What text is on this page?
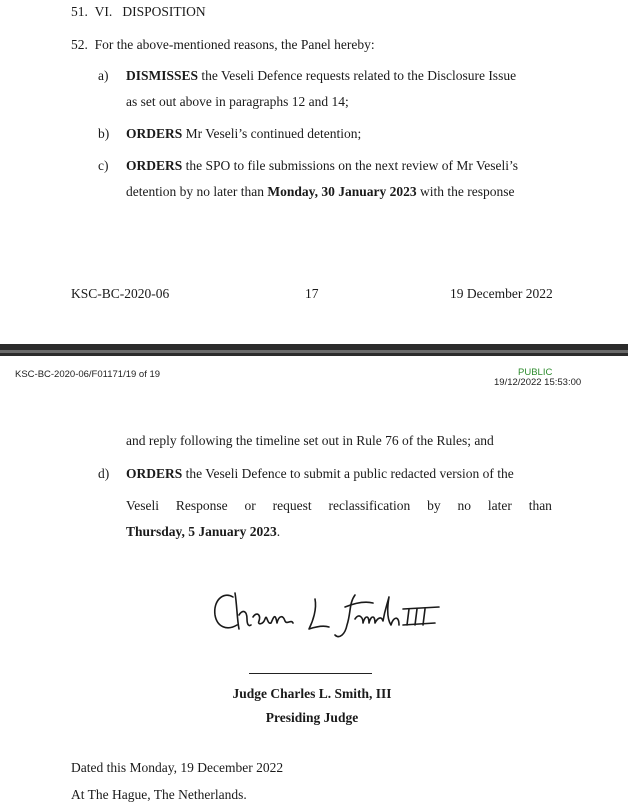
51. VI.   DISPOSITION
52. For the above-mentioned reasons, the Panel hereby:
a) DISMISSES the Veseli Defence requests related to the Disclosure Issue
as set out above in paragraphs 12 and 14;
b) ORDERS Mr Veseli’s continued detention;
c) ORDERS the SPO to file submissions on the next review of Mr Veseli’s
detention by no later than Monday, 30 January 2023 with the response
KSC-BC-2020-06	17	19 December 2022
KSC-BC-2020-06/F01171/19 of 19	PUBLIC
19/12/2022 15:53:00
and reply following the timeline set out in Rule 76 of the Rules; and
d) ORDERS the Veseli Defence to submit a public redacted version of the
Veseli Response or request reclassification by no later than
Thursday, 5 January 2023.
Judge Charles L. Smith, III
Presiding Judge
Dated this Monday, 19 December 2022
At The Hague, The Netherlands.
